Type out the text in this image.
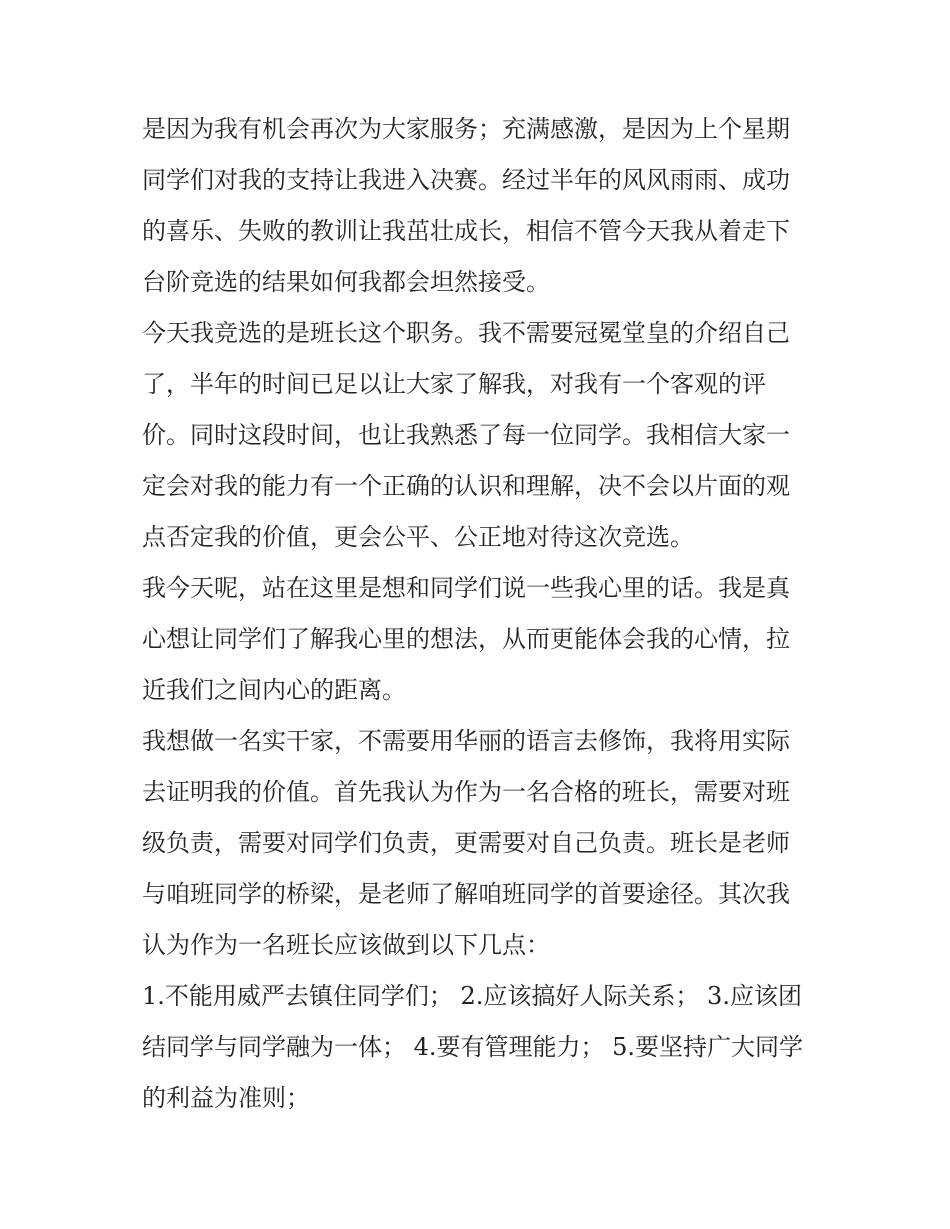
是因为我有机会再次为大家服务；充满感激，是因为上个星期
同学们对我的支持让我进入决赛。经过半年的风风雨雨、成功
的喜乐、失败的教训让我茁壮成长，相信不管今天我从着走下
台阶竞选的结果如何我都会坦然接受。
今天我竞选的是班长这个职务。我不需要冠冕堂皇的介绍自己
了，半年的时间已足以让大家了解我，对我有一个客观的评
价。同时这段时间，也让我熟悉了每一位同学。我相信大家一
定会对我的能力有一个正确的认识和理解，决不会以片面的观
点否定我的价值，更会公平、公正地对待这次竞选。
我今天呢，站在这里是想和同学们说一些我心里的话。我是真
心想让同学们了解我心里的想法，从而更能体会我的心情，拉
近我们之间内心的距离。
我想做一名实干家，不需要用华丽的语言去修饰，我将用实际
去证明我的价值。首先我认为作为一名合格的班长，需要对班
级负责，需要对同学们负责，更需要对自己负责。班长是老师
与咱班同学的桥梁，是老师了解咱班同学的首要途径。其次我
认为作为一名班长应该做到以下几点：
1.不能用威严去镇住同学们； 2.应该搞好人际关系； 3.应该团
结同学与同学融为一体； 4.要有管理能力； 5.要坚持广大同学
的利益为准则；
